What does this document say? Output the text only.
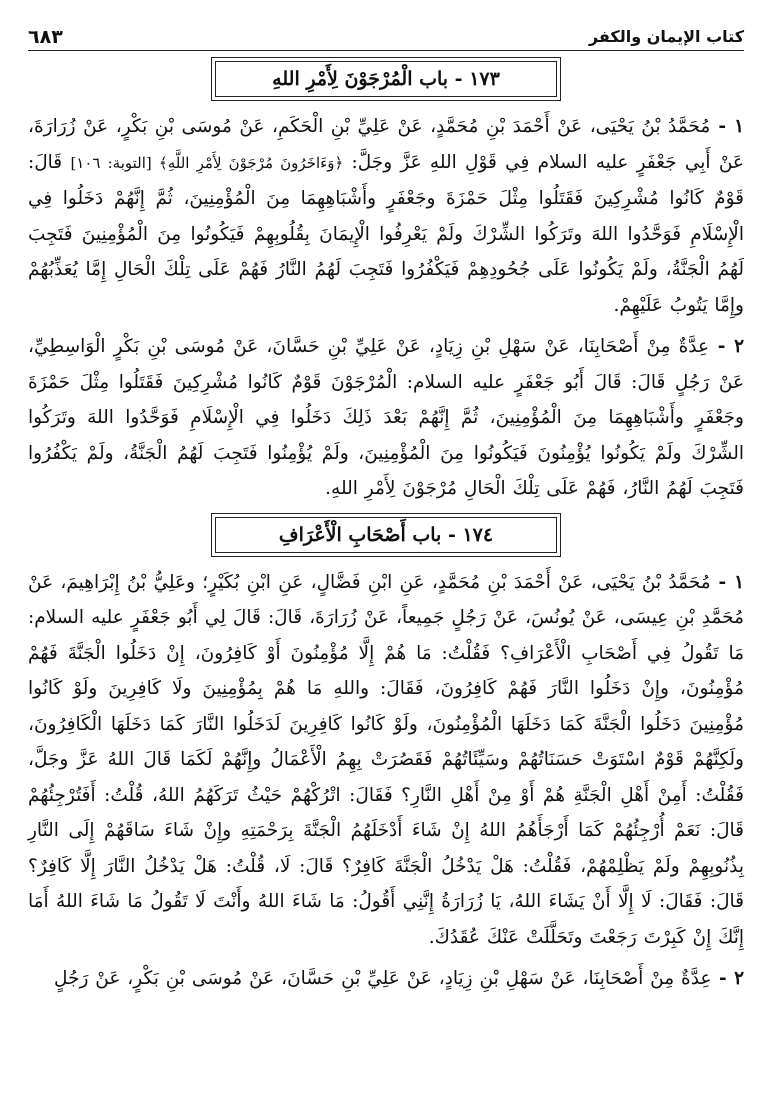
كتاب الإيمان والكفر
٦٨٣
١٧٣ - باب الْمُرْجَوْنَ لِأَمْرِ اللهِ

١ - مُحَمَّدُ بْنُ يَحْيَى، عَنْ أَحْمَدَ بْنِ مُحَمَّدٍ، عَنْ عَلِيِّ بْنِ الْحَكَمِ، عَنْ مُوسَى بْنِ بَكْرٍ، عَنْ زُرَارَةَ، عَنْ أَبِي جَعْفَرٍ عليه السلام فِي قَوْلِ اللهِ عَزَّ وجَلَّ: ﴿وَءَاخَرُونَ مُرْجَوْنَ لِأَمْرِ اللَّهِ﴾ [التوبة: ١٠٦] قَالَ: قَوْمٌ كَانُوا مُشْرِكِينَ فَقَتَلُوا مِثْلَ حَمْزَةَ وجَعْفَرٍ وأَشْبَاهِهِمَا مِنَ الْمُؤْمِنِينَ، ثُمَّ إِنَّهُمْ دَخَلُوا فِي الْإِسْلَامِ فَوَحَّدُوا اللهَ وتَرَكُوا الشِّرْكَ ولَمْ يَعْرِفُوا الْإِيمَانَ بِقُلُوبِهِمْ فَيَكُونُوا مِنَ الْمُؤْمِنِينَ فَتَجِبَ لَهُمُ الْجَنَّةُ، ولَمْ يَكُونُوا عَلَى جُحُودِهِمْ فَيَكْفُرُوا فَتَجِبَ لَهُمُ النَّارُ فَهُمْ عَلَى تِلْكَ الْحَالِ إِمَّا يُعَذِّبُهُمْ وإِمَّا يَتُوبُ عَلَيْهِمْ.

٢ - عِدَّةٌ مِنْ أَصْحَابِنَا، عَنْ سَهْلِ بْنِ زِيَادٍ، عَنْ عَلِيِّ بْنِ حَسَّانَ، عَنْ مُوسَى بْنِ بَكْرٍ الْوَاسِطِيِّ، عَنْ رَجُلٍ قَالَ: قَالَ أَبُو جَعْفَرٍ عليه السلام: الْمُرْجَوْنَ قَوْمٌ كَانُوا مُشْرِكِينَ فَقَتَلُوا مِثْلَ حَمْزَةَ وجَعْفَرٍ وأَشْبَاهِهِمَا مِنَ الْمُؤْمِنِينَ، ثُمَّ إِنَّهُمْ بَعْدَ ذَلِكَ دَخَلُوا فِي الْإِسْلَامِ فَوَحَّدُوا اللهَ وتَرَكُوا الشِّرْكَ ولَمْ يَكُونُوا يُؤْمِنُونَ فَيَكُونُوا مِنَ الْمُؤْمِنِينَ، ولَمْ يُؤْمِنُوا فَتَجِبَ لَهُمُ الْجَنَّةُ، ولَمْ يَكْفُرُوا فَتَجِبَ لَهُمُ النَّارُ، فَهُمْ عَلَى تِلْكَ الْحَالِ مُرْجَوْنَ لِأَمْرِ اللهِ.

١٧٤ - باب أَصْحَابِ الْأَعْرَافِ

١ - مُحَمَّدُ بْنُ يَحْيَى، عَنْ أَحْمَدَ بْنِ مُحَمَّدٍ، عَنِ ابْنِ فَضَّالٍ، عَنِ ابْنِ بُكَيْرٍ؛ وعَلِيُّ بْنُ إِبْرَاهِيمَ، عَنْ مُحَمَّدِ بْنِ عِيسَى، عَنْ يُونُسَ، عَنْ رَجُلٍ جَمِيعاً، عَنْ زُرَارَةَ، قَالَ: قَالَ لِي أَبُو جَعْفَرٍ عليه السلام: مَا تَقُولُ فِي أَصْحَابِ الْأَعْرَافِ؟ فَقُلْتُ: مَا هُمْ إِلَّا مُؤْمِنُونَ أَوْ كَافِرُونَ، إِنْ دَخَلُوا الْجَنَّةَ فَهُمْ مُؤْمِنُونَ، وإِنْ دَخَلُوا النَّارَ فَهُمْ كَافِرُونَ، فَقَالَ: واللهِ مَا هُمْ بِمُؤْمِنِينَ ولَا كَافِرِينَ ولَوْ كَانُوا مُؤْمِنِينَ دَخَلُوا الْجَنَّةَ كَمَا دَخَلَهَا الْمُؤْمِنُونَ، ولَوْ كَانُوا كَافِرِينَ لَدَخَلُوا النَّارَ كَمَا دَخَلَهَا الْكَافِرُونَ، ولَكِنَّهُمْ قَوْمٌ اسْتَوَتْ حَسَنَاتُهُمْ وسَيِّئَاتُهُمْ فَقَصُرَتْ بِهِمُ الْأَعْمَالُ وإِنَّهُمْ لَكَمَا قَالَ اللهُ عَزَّ وجَلَّ، فَقُلْتُ: أَمِنْ أَهْلِ الْجَنَّةِ هُمْ أَوْ مِنْ أَهْلِ النَّارِ؟ فَقَالَ: اتْرُكْهُمْ حَيْثُ تَرَكَهُمُ اللهُ، قُلْتُ: أَفَتُرْجِئُهُمْ قَالَ: نَعَمْ أُرْجِئُهُمْ كَمَا أَرْجَأَهُمُ اللهُ إِنْ شَاءَ أَدْخَلَهُمُ الْجَنَّةَ بِرَحْمَتِهِ وإِنْ شَاءَ سَاقَهُمْ إِلَى النَّارِ بِذُنُوبِهِمْ ولَمْ يَظْلِمْهُمْ، فَقُلْتُ: هَلْ يَدْخُلُ الْجَنَّةَ كَافِرٌ؟ قَالَ: لَا، قُلْتُ: هَلْ يَدْخُلُ النَّارَ إِلَّا كَافِرٌ؟ قَالَ: فَقَالَ: لَا إِلَّا أَنْ يَشَاءَ اللهُ، يَا زُرَارَةُ إِنَّنِي أَقُولُ: مَا شَاءَ اللهُ وأَنْتَ لَا تَقُولُ مَا شَاءَ اللهُ أَمَا إِنَّكَ إِنْ كَبِرْتَ رَجَعْتَ وتَحَلَّلَتْ عَنْكَ عُقَدُكَ.

٢ - عِدَّةٌ مِنْ أَصْحَابِنَا، عَنْ سَهْلِ بْنِ زِيَادٍ، عَنْ عَلِيِّ بْنِ حَسَّانَ، عَنْ مُوسَى بْنِ بَكْرٍ، عَنْ رَجُلٍ
